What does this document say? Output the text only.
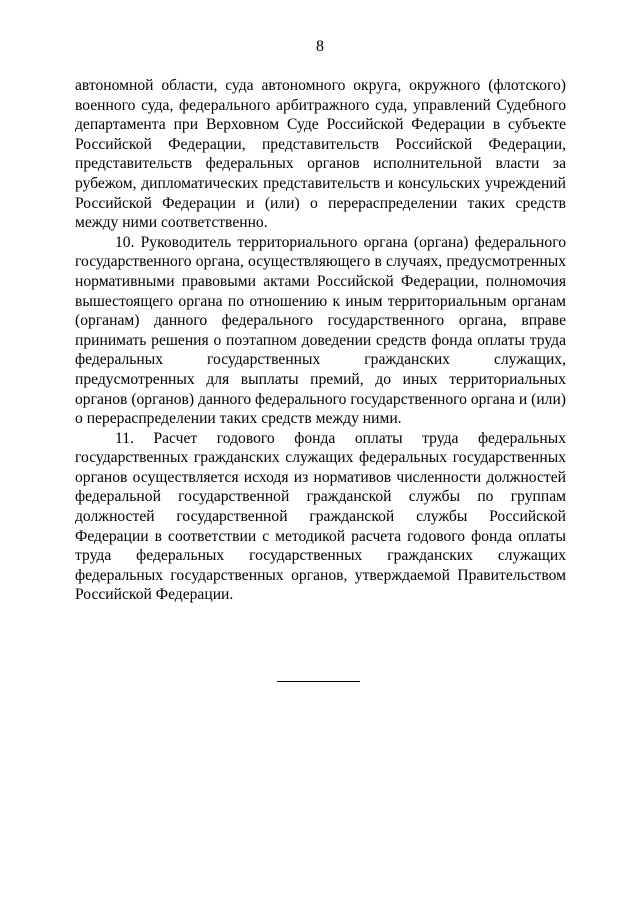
8

автономной области, суда автономного округа, окружного (флотского) военного суда, федерального арбитражного суда, управлений Судебного департамента при Верховном Суде Российской Федерации в субъекте Российской Федерации, представительств Российской Федерации, представительств федеральных органов исполнительной власти за рубежом, дипломатических представительств и консульских учреждений Российской Федерации и (или) о перераспределении таких средств между ними соответственно.

10. Руководитель территориального органа (органа) федерального государственного органа, осуществляющего в случаях, предусмотренных нормативными правовыми актами Российской Федерации, полномочия вышестоящего органа по отношению к иным территориальным органам (органам) данного федерального государственного органа, вправе принимать решения о поэтапном доведении средств фонда оплаты труда федеральных государственных гражданских служащих, предусмотренных для выплаты премий, до иных территориальных органов (органов) данного федерального государственного органа и (или) о перераспределении таких средств между ними.

11. Расчет годового фонда оплаты труда федеральных государственных гражданских служащих федеральных государственных органов осуществляется исходя из нормативов численности должностей федеральной государственной гражданской службы по группам должностей государственной гражданской службы Российской Федерации в соответствии с методикой расчета годового фонда оплаты труда федеральных государственных гражданских служащих федеральных государственных органов, утверждаемой Правительством Российской Федерации.
